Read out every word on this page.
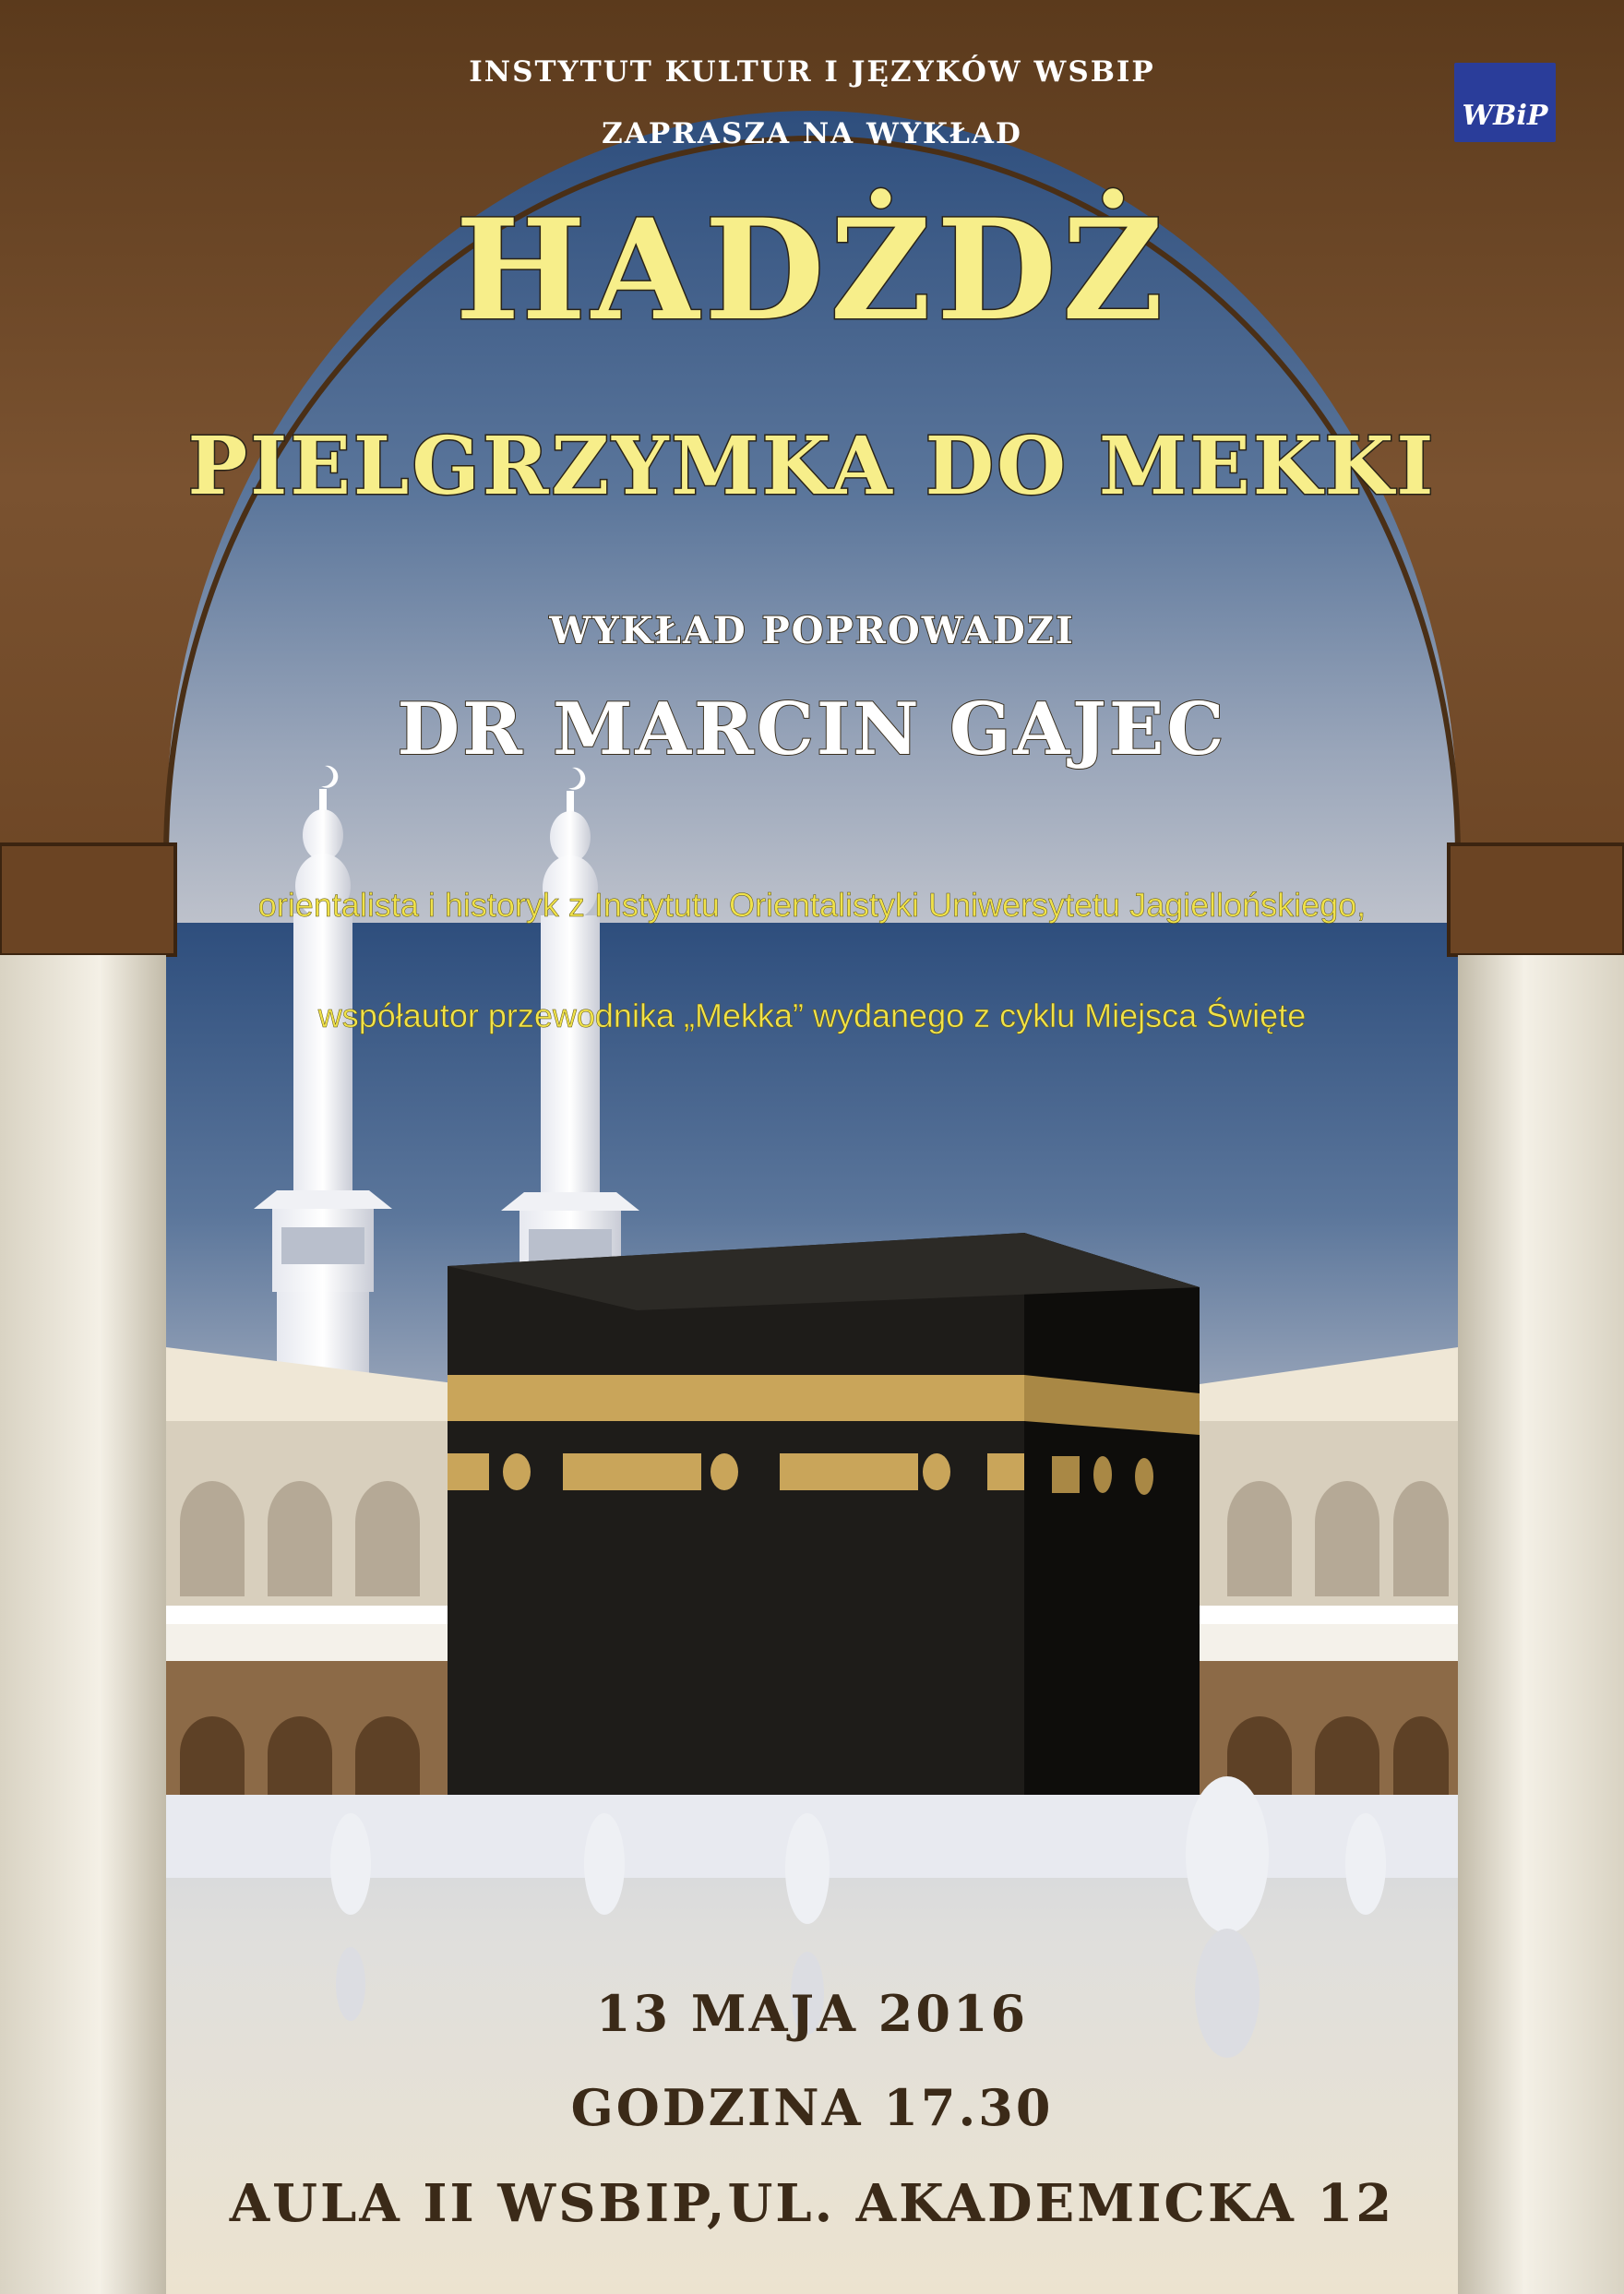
WBiP

INSTYTUT KULTUR I JĘZYKÓW WSBIP

ZAPRASZA NA WYKŁAD

HADŻDŻ

PIELGRZYMKA DO MEKKI

WYKŁAD POPROWADZI

DR MARCIN GAJEC

orientalista i historyk z Instytutu Orientalistyki Uniwersytetu Jagiellońskiego,

współautor przewodnika „Mekka” wydanego z cyklu Miejsca Święte

13 MAJA 2016

GODZINA 17.30

AULA II WSBIP,UL. AKADEMICKA 12
